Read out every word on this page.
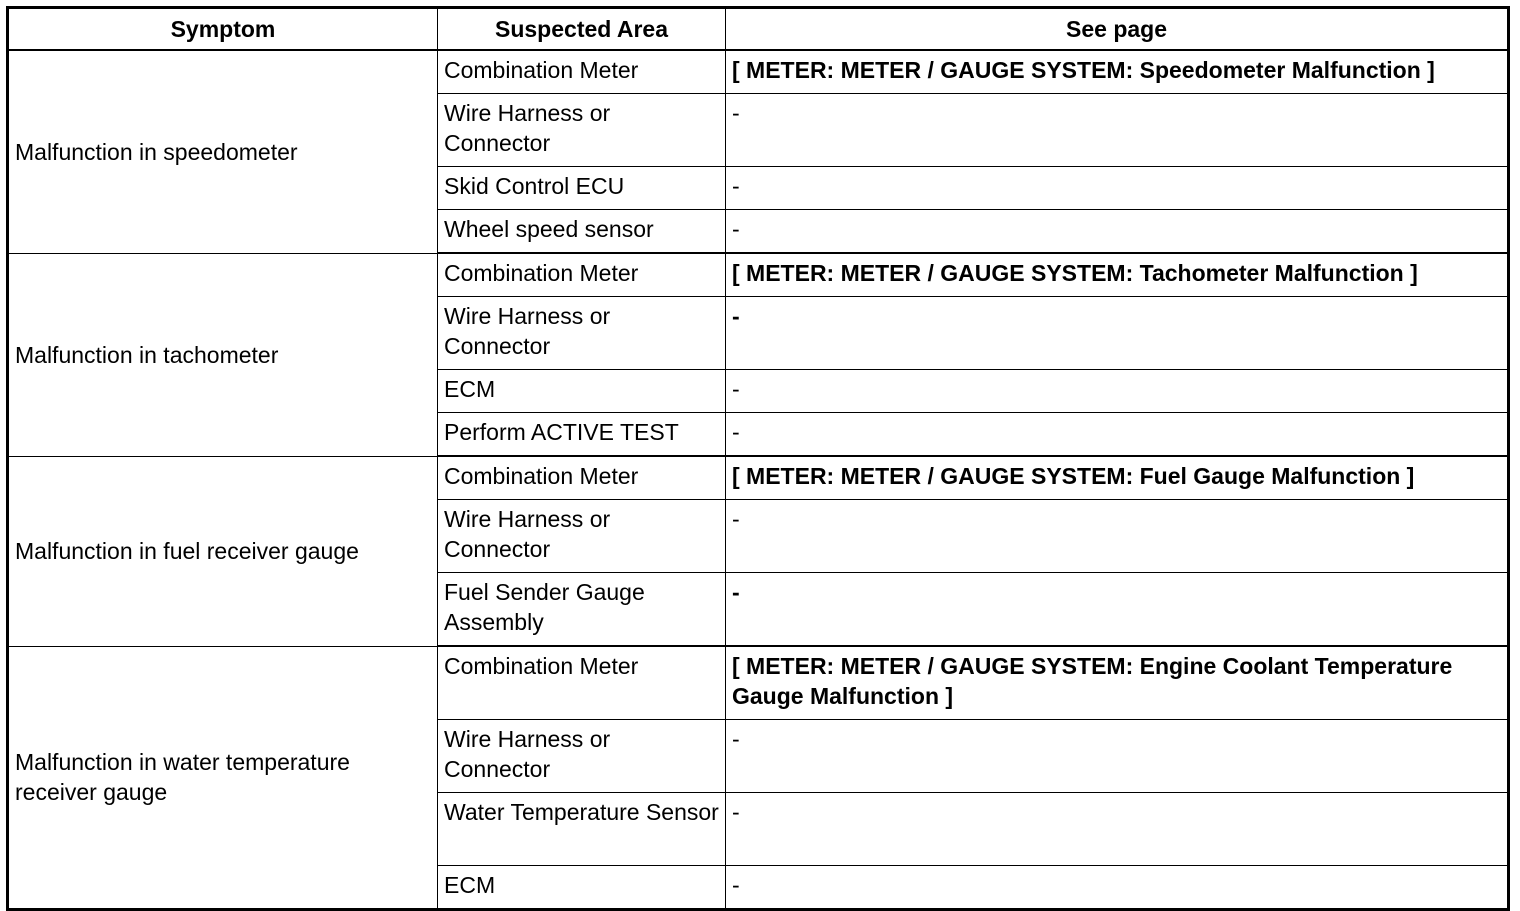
Symptom	Suspected Area	See page
Malfunction in speedometer	Combination Meter	[ METER: METER / GAUGE SYSTEM: Speedometer Malfunction ]
	Wire Harness or Connector	-
	Skid Control ECU	-
	Wheel speed sensor	-
Malfunction in tachometer	Combination Meter	[ METER: METER / GAUGE SYSTEM: Tachometer Malfunction ]
	Wire Harness or Connector	-
	ECM	-
	Perform ACTIVE TEST	-
Malfunction in fuel receiver gauge	Combination Meter	[ METER: METER / GAUGE SYSTEM: Fuel Gauge Malfunction ]
	Wire Harness or Connector	-
	Fuel Sender Gauge Assembly	-
Malfunction in water temperature receiver gauge	Combination Meter	[ METER: METER / GAUGE SYSTEM: Engine Coolant Temperature Gauge Malfunction ]
	Wire Harness or Connector	-
	Water Temperature Sensor	-
	ECM	-
